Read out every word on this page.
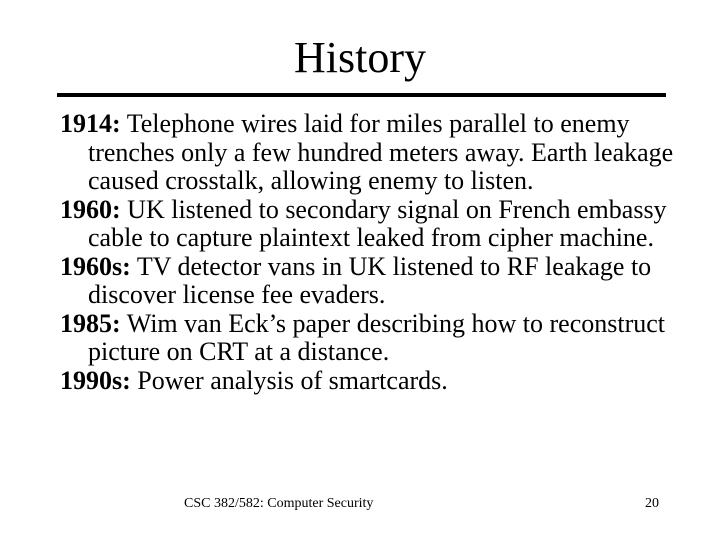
History
1914: Telephone wires laid for miles parallel to enemy trenches only a few hundred meters away. Earth leakage caused crosstalk, allowing enemy to listen.
1960: UK listened to secondary signal on French embassy cable to capture plaintext leaked from cipher machine.
1960s: TV detector vans in UK listened to RF leakage to discover license fee evaders.
1985: Wim van Eck’s paper describing how to reconstruct picture on CRT at a distance.
1990s: Power analysis of smartcards.
CSC 382/582: Computer Security	20
